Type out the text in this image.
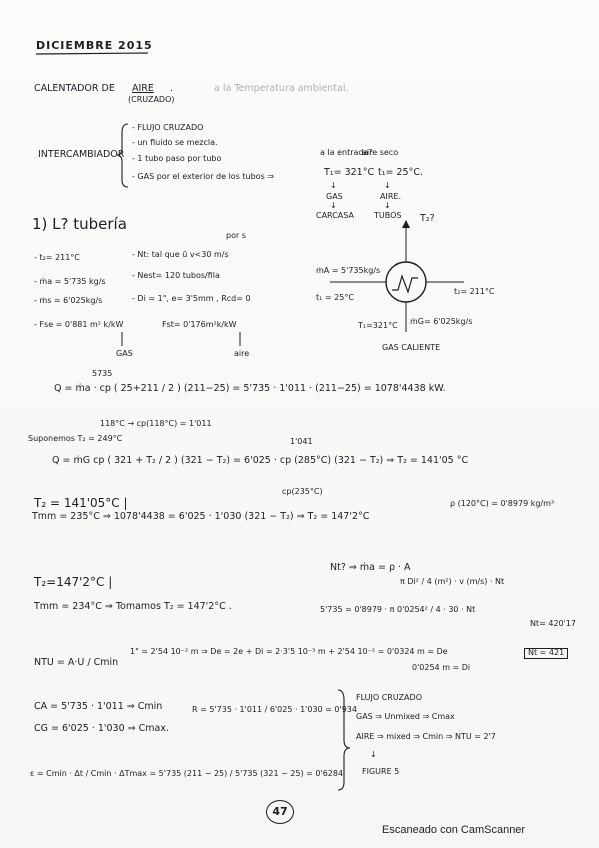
DICIEMBRE 2015
CALENTADOR DE AIRE
(CRUZADO)
.	a la Temperatura ambiental.
INTERCAMBIADOR
- FLUJO CRUZADO
- un fluido se mezcla.
- 1 tubo paso por tubo
- GAS por el exterior de los tubos ⇒
a la entrada?
T₁= 321°C
aire seco
t₁= 25°C.
↓
GAS
↓
CARCASA
↓
AIRE.
↓
TUBOS
1) L? tubería
- t₂= 211°C
- ṁa = 5'735 kg/s
- ṁs = 6'025kg/s
- Fse = 0'881 m² k/kW
por s
- Nt: tal que ū v<30 m/s
- Nest= 120 tubos/fila
- Di = 1", e= 3'5mm , Rcd= 0
Fst= 0'176m²k/kW
GAS	aire
T₂?
ṁA = 5'735kg/s
t₁ = 25°C
t₂= 211°C
T₁=321°C ṁG= 6'025kg/s
GAS CALIENTE
5735
Q = ṁa · cp ( 25+211 / 2 ) (211−25) = 5'735 · 1'011 · (211−25) = 1078'4438 kW.
118°C → cp(118°C) = 1'011
Suponemos T₂ = 249°C	1'041
Q = ṁG cp ( 321 + T₂ / 2 ) (321 − T₂) = 6'025 · cp (285°C) (321 − T₂) ⇒ T₂ = 141'05 °C
cp(235°C)
T₂ = 141'05°C |	ρ (120°C) = 0'8979 kg/m³
Tmm = 235°C ⇒ 1078'4438 = 6'025 · 1'030 (321 − T₂) ⇒ T₂ = 147'2°C
T₂=147'2°C |
Nt? ⇒ ṁa = ρ · A
π Di² / 4 (m²) · v (m/s) · Nt
Tmm = 234°C ⇒ Tomamos T₂ = 147'2°C .	5'735 = 0'8979 · π 0'0254² / 4 · 30 · Nt
Nt= 420'17
NTU = A·U / Cmin
1" = 2'54 10⁻² m ⇒ De = 2e + Di = 2·3'5 10⁻³ m + 2'54 10⁻² = 0'0324 m = De
0'0254 m = Di
Nt = 421
CA = 5'735 · 1'011 ⇒ Cmin
CG = 6'025 · 1'030 ⇒ Cmax.
R = 5'735 · 1'011 / 6'025 · 1'030 = 0'934
ε = Cmin · Δt / Cmin · ΔTmax = 5'735 (211 − 25) / 5'735 (321 − 25) = 0'6284
FLUJO CRUZADO
GAS ⇒ Unmixed ⇒ Cmax
AIRE ⇒ mixed ⇒ Cmin ⇒ NTU = 2'7
↓
FIGURE 5
47
Escaneado con CamScanner
